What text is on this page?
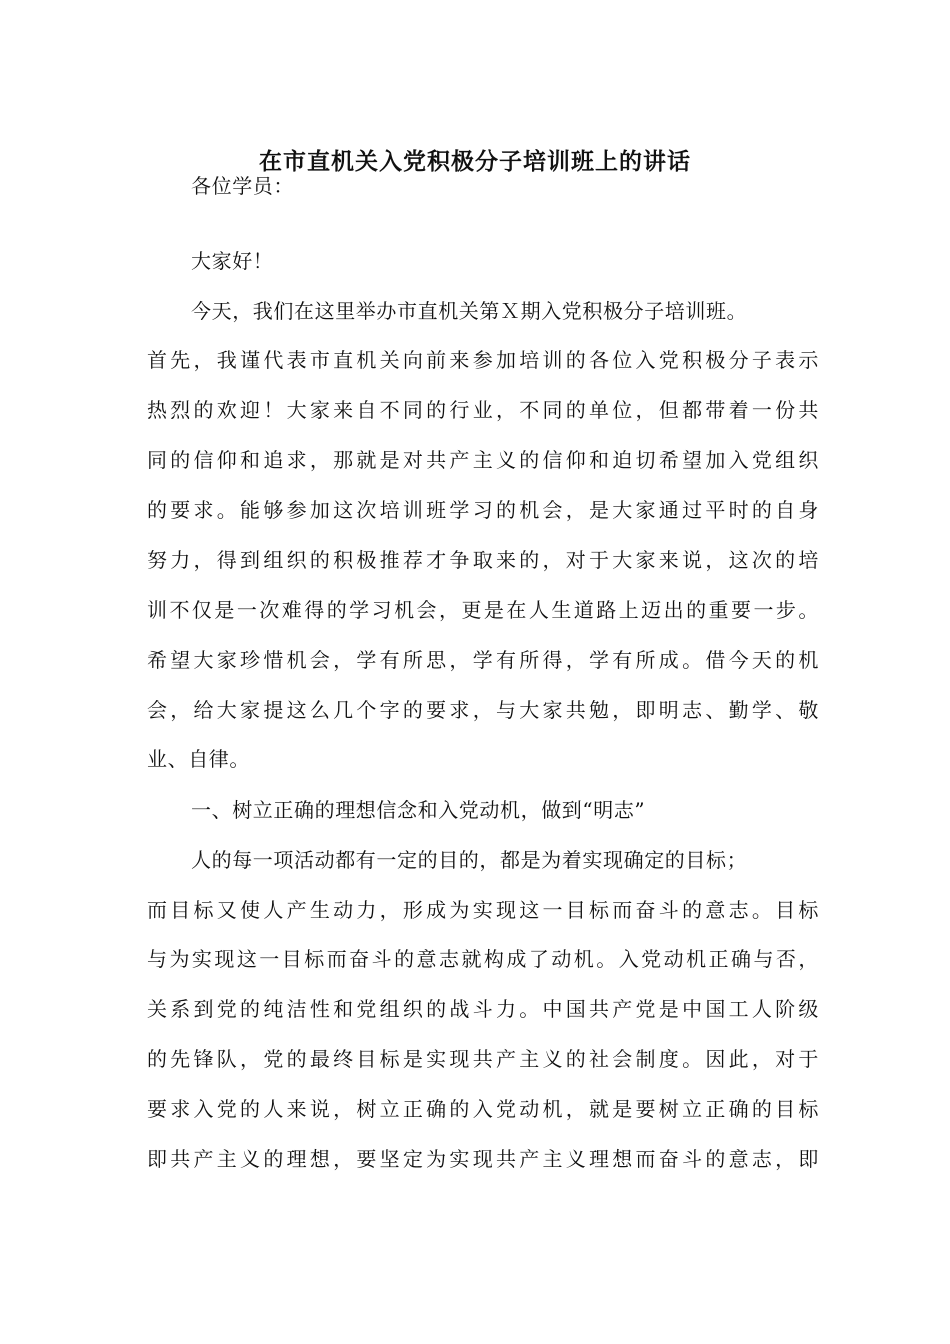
在市直机关入党积极分子培训班上的讲话
各位学员：
大家好！
今天，我们在这里举办市直机关第Ｘ期入党积极分子培训班。
首先，我谨代表市直机关向前来参加培训的各位入党积极分子表示
热烈的欢迎！大家来自不同的行业，不同的单位，但都带着一份共
同的信仰和追求，那就是对共产主义的信仰和迫切希望加入党组织
的要求。能够参加这次培训班学习的机会，是大家通过平时的自身
努力，得到组织的积极推荐才争取来的，对于大家来说，这次的培
训不仅是一次难得的学习机会，更是在人生道路上迈出的重要一步。
希望大家珍惜机会，学有所思，学有所得，学有所成。借今天的机
会，给大家提这么几个字的要求，与大家共勉，即明志、勤学、敬
业、自律。
一、树立正确的理想信念和入党动机，做到“明志”
人的每一项活动都有一定的目的，都是为着实现确定的目标；
而目标又使人产生动力，形成为实现这一目标而奋斗的意志。目标
与为实现这一目标而奋斗的意志就构成了动机。入党动机正确与否，
关系到党的纯洁性和党组织的战斗力。中国共产党是中国工人阶级
的先锋队，党的最终目标是实现共产主义的社会制度。因此，对于
要求入党的人来说，树立正确的入党动机，就是要树立正确的目标
即共产主义的理想，要坚定为实现共产主义理想而奋斗的意志，即
